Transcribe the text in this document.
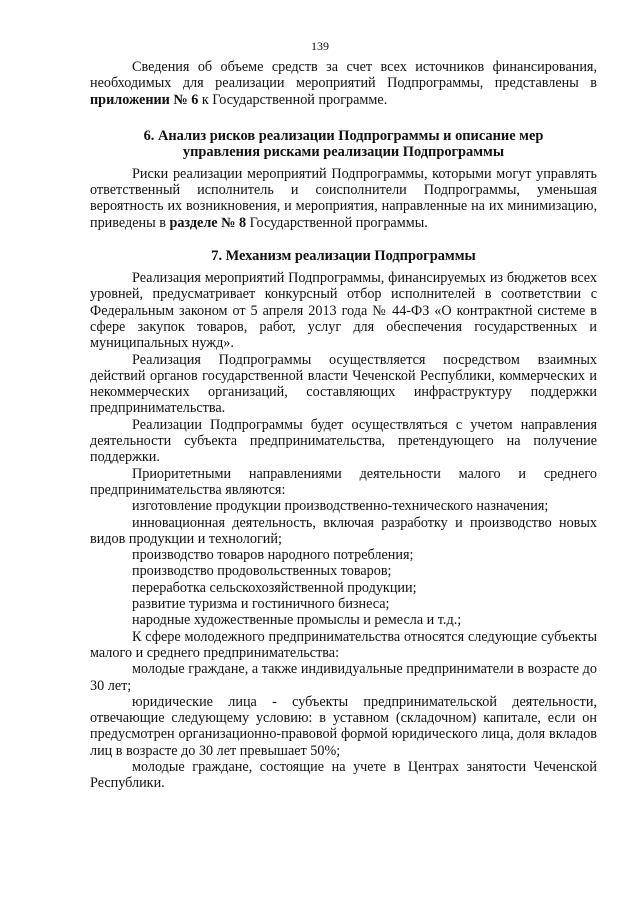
139

Сведения об объеме средств за счет всех источников финансирования, необходимых для реализации мероприятий Подпрограммы, представлены в приложении № 6 к Государственной программе.

6. Анализ рисков реализации Подпрограммы и описание мер
управления рисками реализации Подпрограммы

Риски реализации мероприятий Подпрограммы, которыми могут управлять ответственный исполнитель и соисполнители Подпрограммы, уменьшая вероятность их возникновения, и мероприятия, направленные на их минимизацию, приведены в разделе № 8 Государственной программы.

7. Механизм реализации Подпрограммы

Реализация мероприятий Подпрограммы, финансируемых из бюджетов всех уровней, предусматривает конкурсный отбор исполнителей в соответствии с Федеральным законом от 5 апреля 2013 года № 44-ФЗ «О контрактной системе в сфере закупок товаров, работ, услуг для обеспечения государственных и муниципальных нужд».

Реализация Подпрограммы осуществляется посредством взаимных действий органов государственной власти Чеченской Республики, коммерческих и некоммерческих организаций, составляющих инфраструктуру поддержки предпринимательства.

Реализации Подпрограммы будет осуществляться с учетом направления деятельности субъекта предпринимательства, претендующего на получение поддержки.

Приоритетными направлениями деятельности малого и среднего предпринимательства являются:

изготовление продукции производственно-технического назначения;

инновационная деятельность, включая разработку и производство новых видов продукции и технологий;

производство товаров народного потребления;

производство продовольственных товаров;

переработка сельскохозяйственной продукции;

развитие туризма и гостиничного бизнеса;

народные художественные промыслы и ремесла и т.д.;

К сфере молодежного предпринимательства относятся следующие субъекты малого и среднего предпринимательства:

молодые граждане, а также индивидуальные предприниматели в возрасте до 30 лет;

юридические лица - субъекты предпринимательской деятельности, отвечающие следующему условию: в уставном (складочном) капитале, если он предусмотрен организационно-правовой формой юридического лица, доля вкладов лиц в возрасте до 30 лет превышает 50%;

молодые граждане, состоящие на учете в Центрах занятости Чеченской Республики.
